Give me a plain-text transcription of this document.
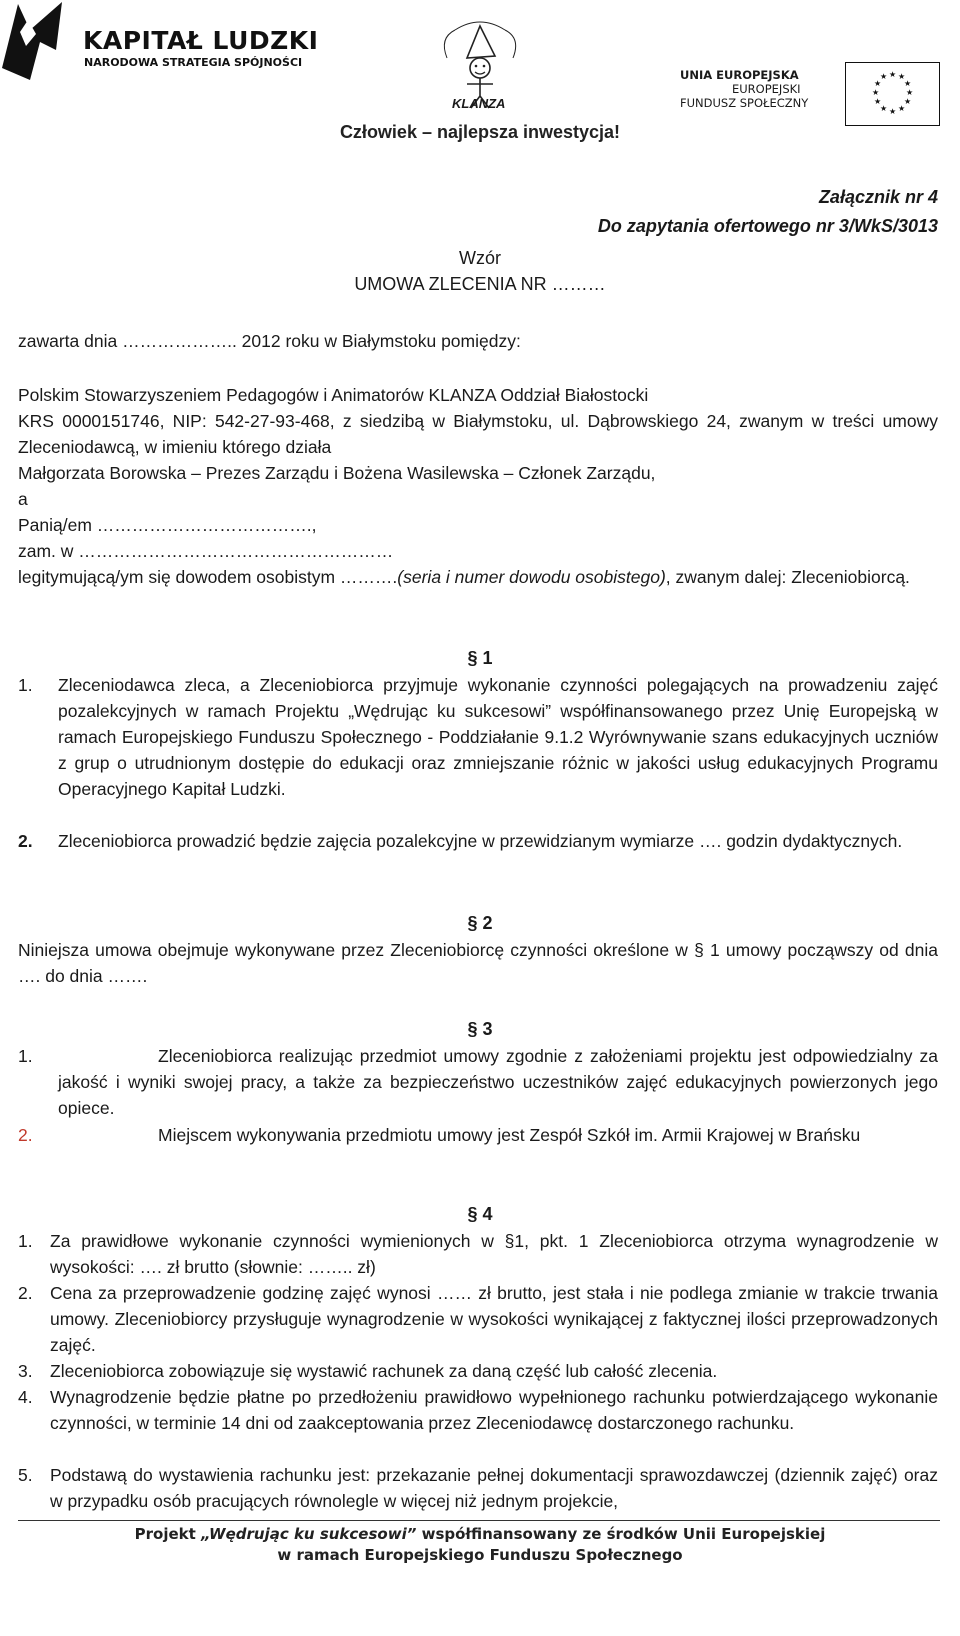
KAPITAŁ LUDZKI
NARODOWA STRATEGIA SPÓJNOŚCI
KLANZA
UNIA EUROPEJSKA
EUROPEJSKI
FUNDUSZ SPOŁECZNY
★ ★
★
★
★
★
★
★
★
★
★
★
Człowiek – najlepsza inwestycja!
Załącznik nr 4
Do zapytania ofertowego nr 3/WkS/3013
Wzór
UMOWA ZLECENIA NR ………
zawarta dnia ……………….. 2012 roku w Białymstoku pomiędzy:
Polskim Stowarzyszeniem Pedagogów i Animatorów KLANZA Oddział Białostocki
KRS 0000151746, NIP: 542-27-93-468, z siedzibą w Białymstoku, ul. Dąbrowskiego 24, zwanym w treści umowy Zleceniodawcą, w imieniu którego działa
Małgorzata Borowska – Prezes Zarządu i Bożena Wasilewska – Członek Zarządu,
a
Panią/em ……………………………….,
zam. w ………………………………………………
legitymującą/ym się dowodem osobistym ……….(seria i numer dowodu osobistego), zwanym dalej: Zleceniobiorcą.
§ 1
1. Zleceniodawca zleca, a Zleceniobiorca przyjmuje wykonanie czynności polegających na prowadzeniu zajęć pozalekcyjnych w ramach Projektu „Wędrując ku sukcesowi” współfinansowanego przez Unię Europejską w ramach Europejskiego Funduszu Społecznego - Poddziałanie 9.1.2 Wyrównywanie szans edukacyjnych uczniów z grup o utrudnionym dostępie do edukacji oraz zmniejszanie różnic w jakości usług edukacyjnych Programu Operacyjnego Kapitał Ludzki.
2. Zleceniobiorca prowadzić będzie zajęcia pozalekcyjne w przewidzianym wymiarze …. godzin dydaktycznych.
§ 2
Niniejsza umowa obejmuje wykonywane przez Zleceniobiorcę czynności określone w § 1 umowy począwszy od dnia …. do dnia …….
§ 3
1.	Zleceniobiorca realizując przedmiot umowy zgodnie z założeniami projektu jest odpowiedzialny za jakość i wyniki swojej pracy, a także za bezpieczeństwo uczestników zajęć edukacyjnych powierzonych jego opiece.
2.	Miejscem wykonywania przedmiotu umowy jest Zespół Szkół im. Armii Krajowej w Brańsku
§ 4
1. Za prawidłowe wykonanie czynności wymienionych w §1, pkt. 1 Zleceniobiorca otrzyma wynagrodzenie w wysokości: …. zł brutto (słownie: …….. zł)
2. Cena za przeprowadzenie godzinę zajęć wynosi …… zł brutto, jest stała i nie podlega zmianie w trakcie trwania umowy. Zleceniobiorcy przysługuje wynagrodzenie w wysokości wynikającej z faktycznej ilości przeprowadzonych zajęć.
3. Zleceniobiorca zobowiązuje się wystawić rachunek za daną część lub całość zlecenia.
4. Wynagrodzenie będzie płatne po przedłożeniu prawidłowo wypełnionego rachunku potwierdzającego wykonanie czynności, w terminie 14 dni od zaakceptowania przez Zleceniodawcę dostarczonego rachunku.
5. Podstawą do wystawienia rachunku jest: przekazanie pełnej dokumentacji sprawozdawczej (dziennik zajęć) oraz w przypadku osób pracujących równolegle w więcej niż jednym projekcie,
Projekt „Wędrując ku sukcesowi” współfinansowany ze środków Unii Europejskiej
w ramach Europejskiego Funduszu Społecznego
